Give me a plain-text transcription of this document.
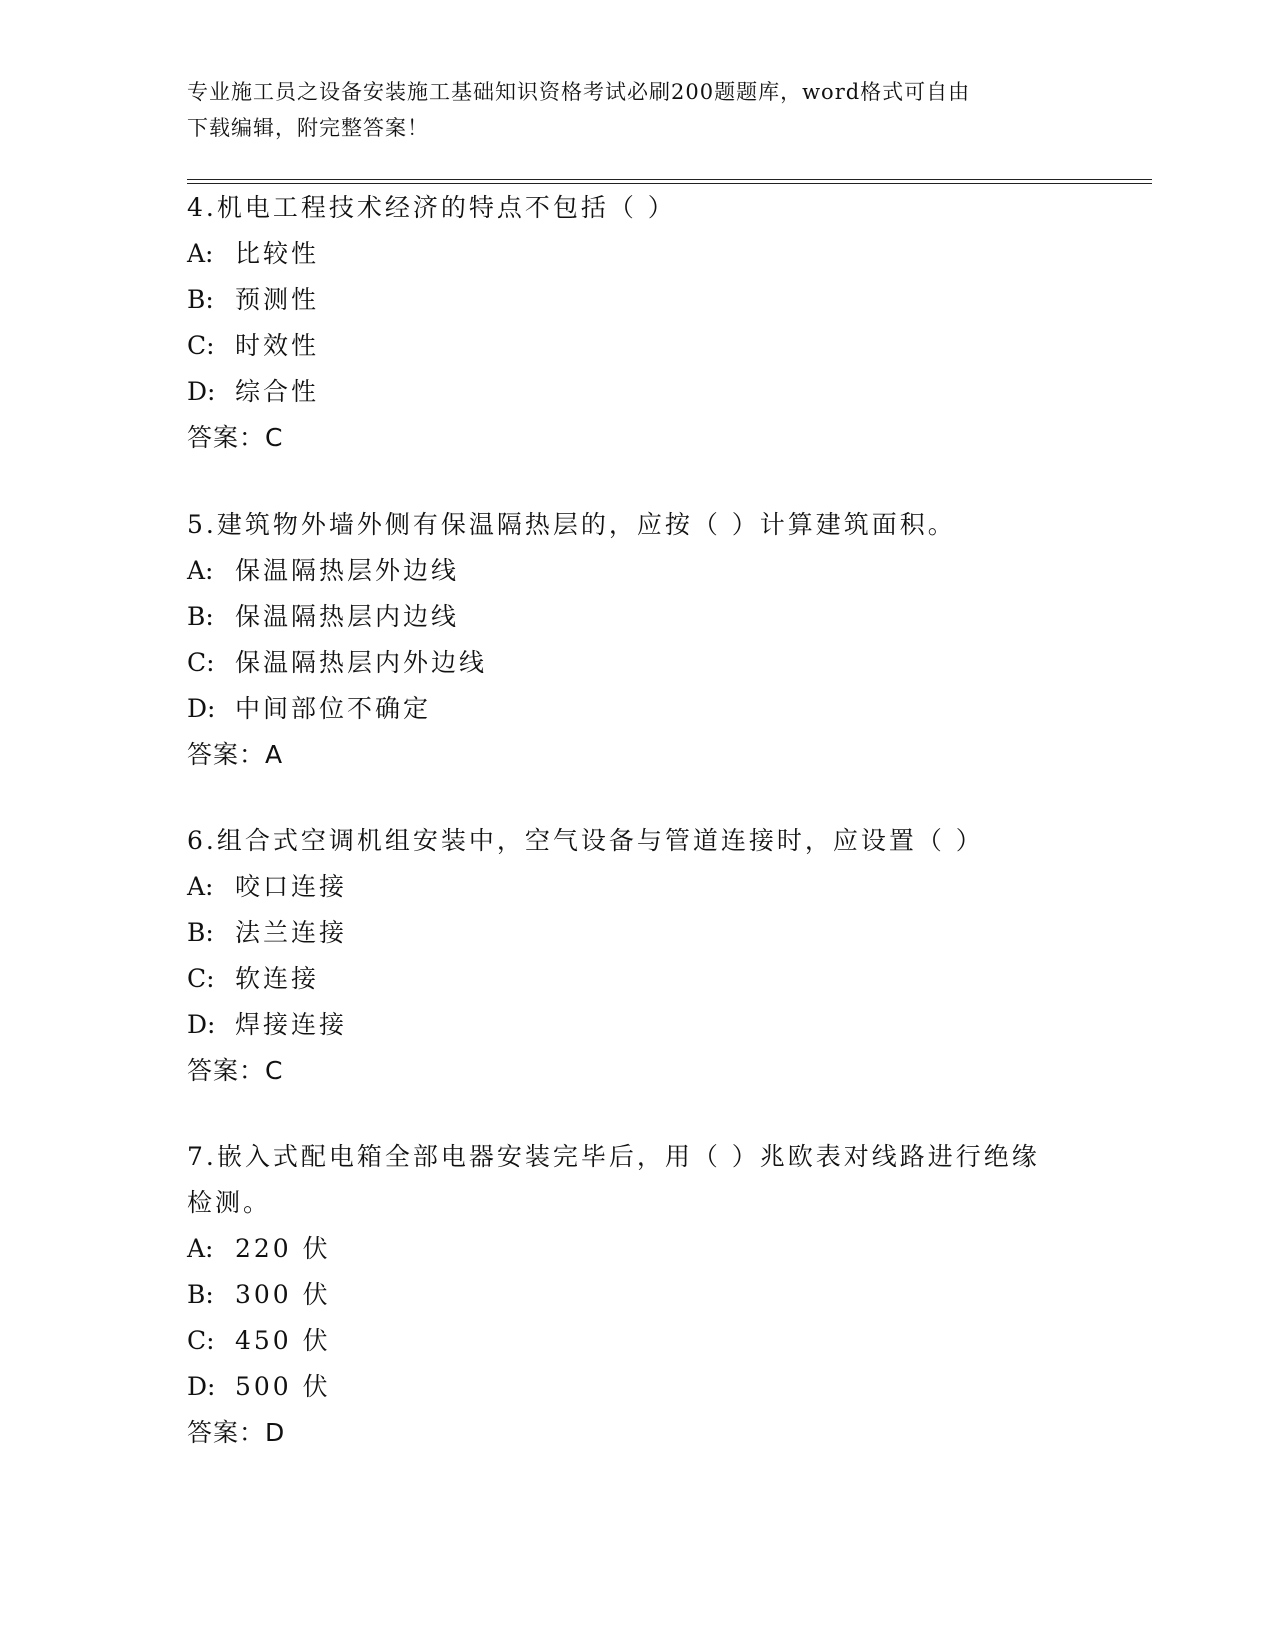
专业施工员之设备安装施工基础知识资格考试必刷200题题库，word格式可自由
下载编辑，附完整答案！
4.机电工程技术经济的特点不包括（ ）
A: 比较性
B: 预测性
C: 时效性
D: 综合性
答案：C
5.建筑物外墙外侧有保温隔热层的，应按（ ）计算建筑面积。
A: 保温隔热层外边线
B: 保温隔热层内边线
C: 保温隔热层内外边线
D: 中间部位不确定
答案：A
6.组合式空调机组安装中，空气设备与管道连接时，应设置（ ）
A: 咬口连接
B: 法兰连接
C: 软连接
D: 焊接连接
答案：C
7.嵌入式配电箱全部电器安装完毕后，用（ ）兆欧表对线路进行绝缘
检测。
A: 220 伏
B: 300 伏
C: 450 伏
D: 500 伏
答案：D
